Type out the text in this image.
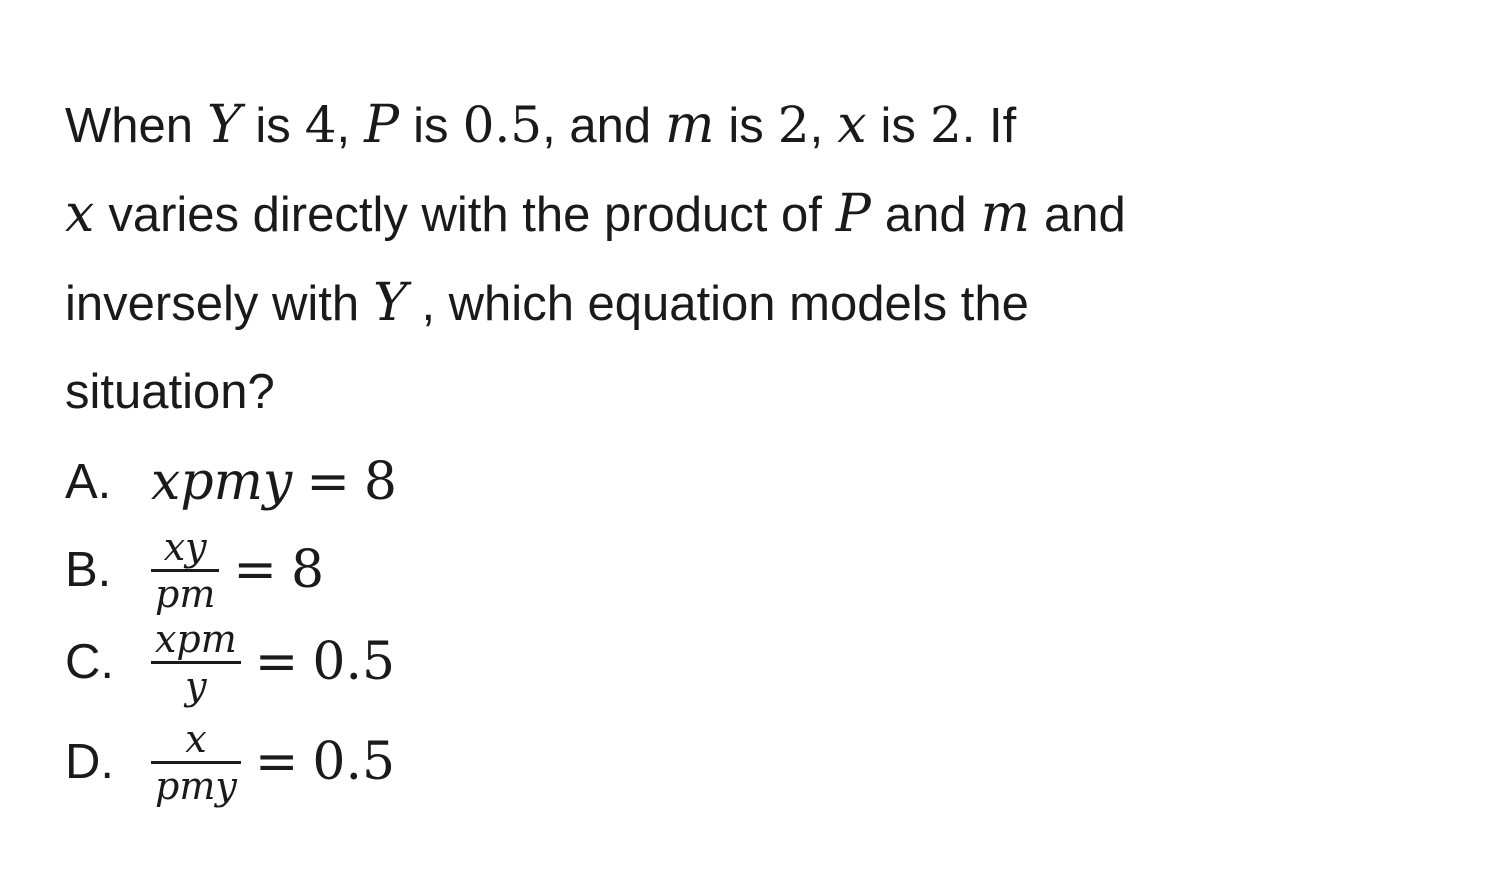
When Y is 4, P is 0.5, and m is 2, x is 2. If
x varies directly with the product of P and m and
inversely with Y , which equation models the
situation?
A. xpmy = 8
B.	$\frac{xy}{pm} = 8$
C. $\frac{\text{xpm}}{y} = 0.5$
D. $\frac{x}{\text{pmy}} = 0.5$
